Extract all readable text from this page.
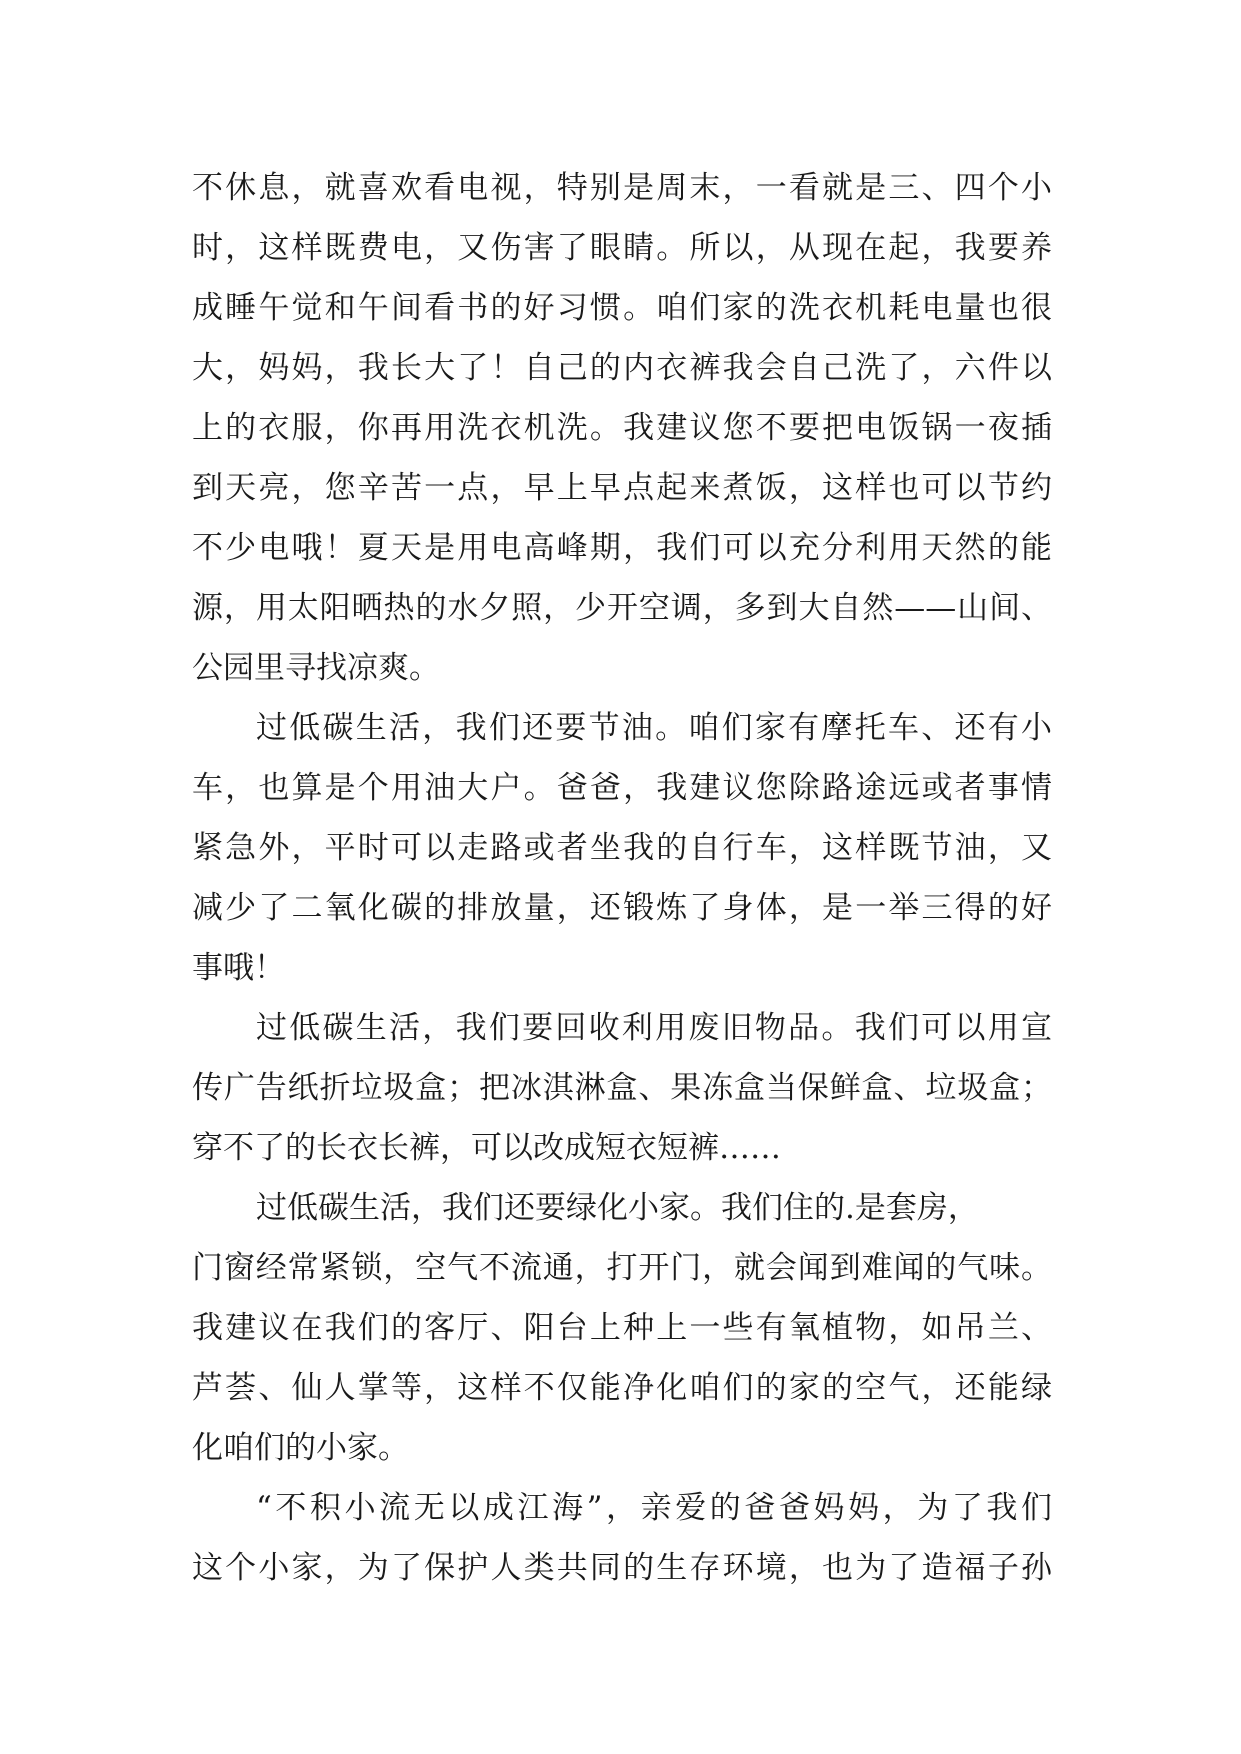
不休息，就喜欢看电视，特别是周末，一看就是三、四个小
时，这样既费电，又伤害了眼睛。所以，从现在起，我要养
成睡午觉和午间看书的好习惯。咱们家的洗衣机耗电量也很
大，妈妈，我长大了！自己的内衣裤我会自己洗了，六件以
上的衣服，你再用洗衣机洗。我建议您不要把电饭锅一夜插
到天亮，您辛苦一点，早上早点起来煮饭，这样也可以节约
不少电哦！夏天是用电高峰期，我们可以充分利用天然的能
源，用太阳晒热的水夕照，少开空调，多到大自然——山间、
公园里寻找凉爽。
过低碳生活，我们还要节油。咱们家有摩托车、还有小
车，也算是个用油大户。爸爸，我建议您除路途远或者事情
紧急外，平时可以走路或者坐我的自行车，这样既节油，又
减少了二氧化碳的排放量，还锻炼了身体，是一举三得的好
事哦！
过低碳生活，我们要回收利用废旧物品。我们可以用宣
传广告纸折垃圾盒；把冰淇淋盒、果冻盒当保鲜盒、垃圾盒；
穿不了的长衣长裤，可以改成短衣短裤……
过低碳生活，我们还要绿化小家。我们住的.是套房，
门窗经常紧锁，空气不流通，打开门，就会闻到难闻的气味。
我建议在我们的客厅、阳台上种上一些有氧植物，如吊兰、
芦荟、仙人掌等，这样不仅能净化咱们的家的空气，还能绿
化咱们的小家。
“不积小流无以成江海”，亲爱的爸爸妈妈，为了我们
这个小家，为了保护人类共同的生存环境，也为了造福子孙
